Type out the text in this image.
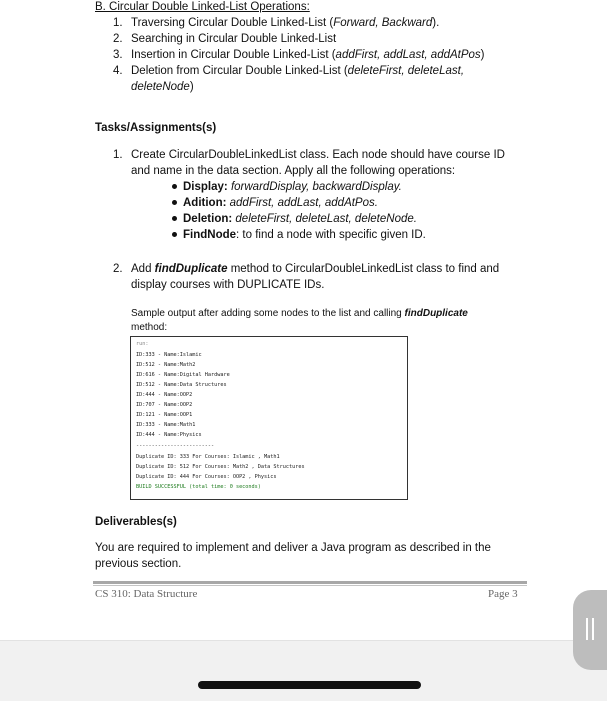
B. Circular Double Linked-List Operations:
1. Traversing Circular Double Linked-List (Forward, Backward).
2. Searching in Circular Double Linked-List
3. Insertion in Circular Double Linked-List (addFirst, addLast, addAtPos)
4. Deletion from Circular Double Linked-List (deleteFirst, deleteLast,
deleteNode)
Tasks/Assignments(s)
1. Create CircularDoubleLinkedList class. Each node should have course ID
and name in the data section. Apply all the following operations:
Display: forwardDisplay, backwardDisplay.
Adition: addFirst, addLast, addAtPos.
Deletion: deleteFirst, deleteLast, deleteNode.
FindNode: to find a node with specific given ID.
2. Add findDuplicate method to CircularDoubleLinkedList class to find and
display courses with DUPLICATE IDs.
Sample output after adding some nodes to the list and calling findDuplicate
method:
run:
ID:333 - Name:Islamic
ID:512 - Name:Math2
ID:616 - Name:Digital Hardware
ID:512 - Name:Data Structures
ID:444 - Name:OOP2
ID:707 - Name:OOP2
ID:121 - Name:OOP1
ID:333 - Name:Math1
ID:444 - Name:Physics
-------------------------
Duplicate ID: 333 For Courses: Islamic , Math1
Duplicate ID: 512 For Courses: Math2 , Data Structures
Duplicate ID: 444 For Courses: OOP2 , Physics
BUILD SUCCESSFUL (total time: 0 seconds)
Deliverables(s)
You are required to implement and deliver a Java program as described in the
previous section.
CS 310: Data Structure	Page 3
